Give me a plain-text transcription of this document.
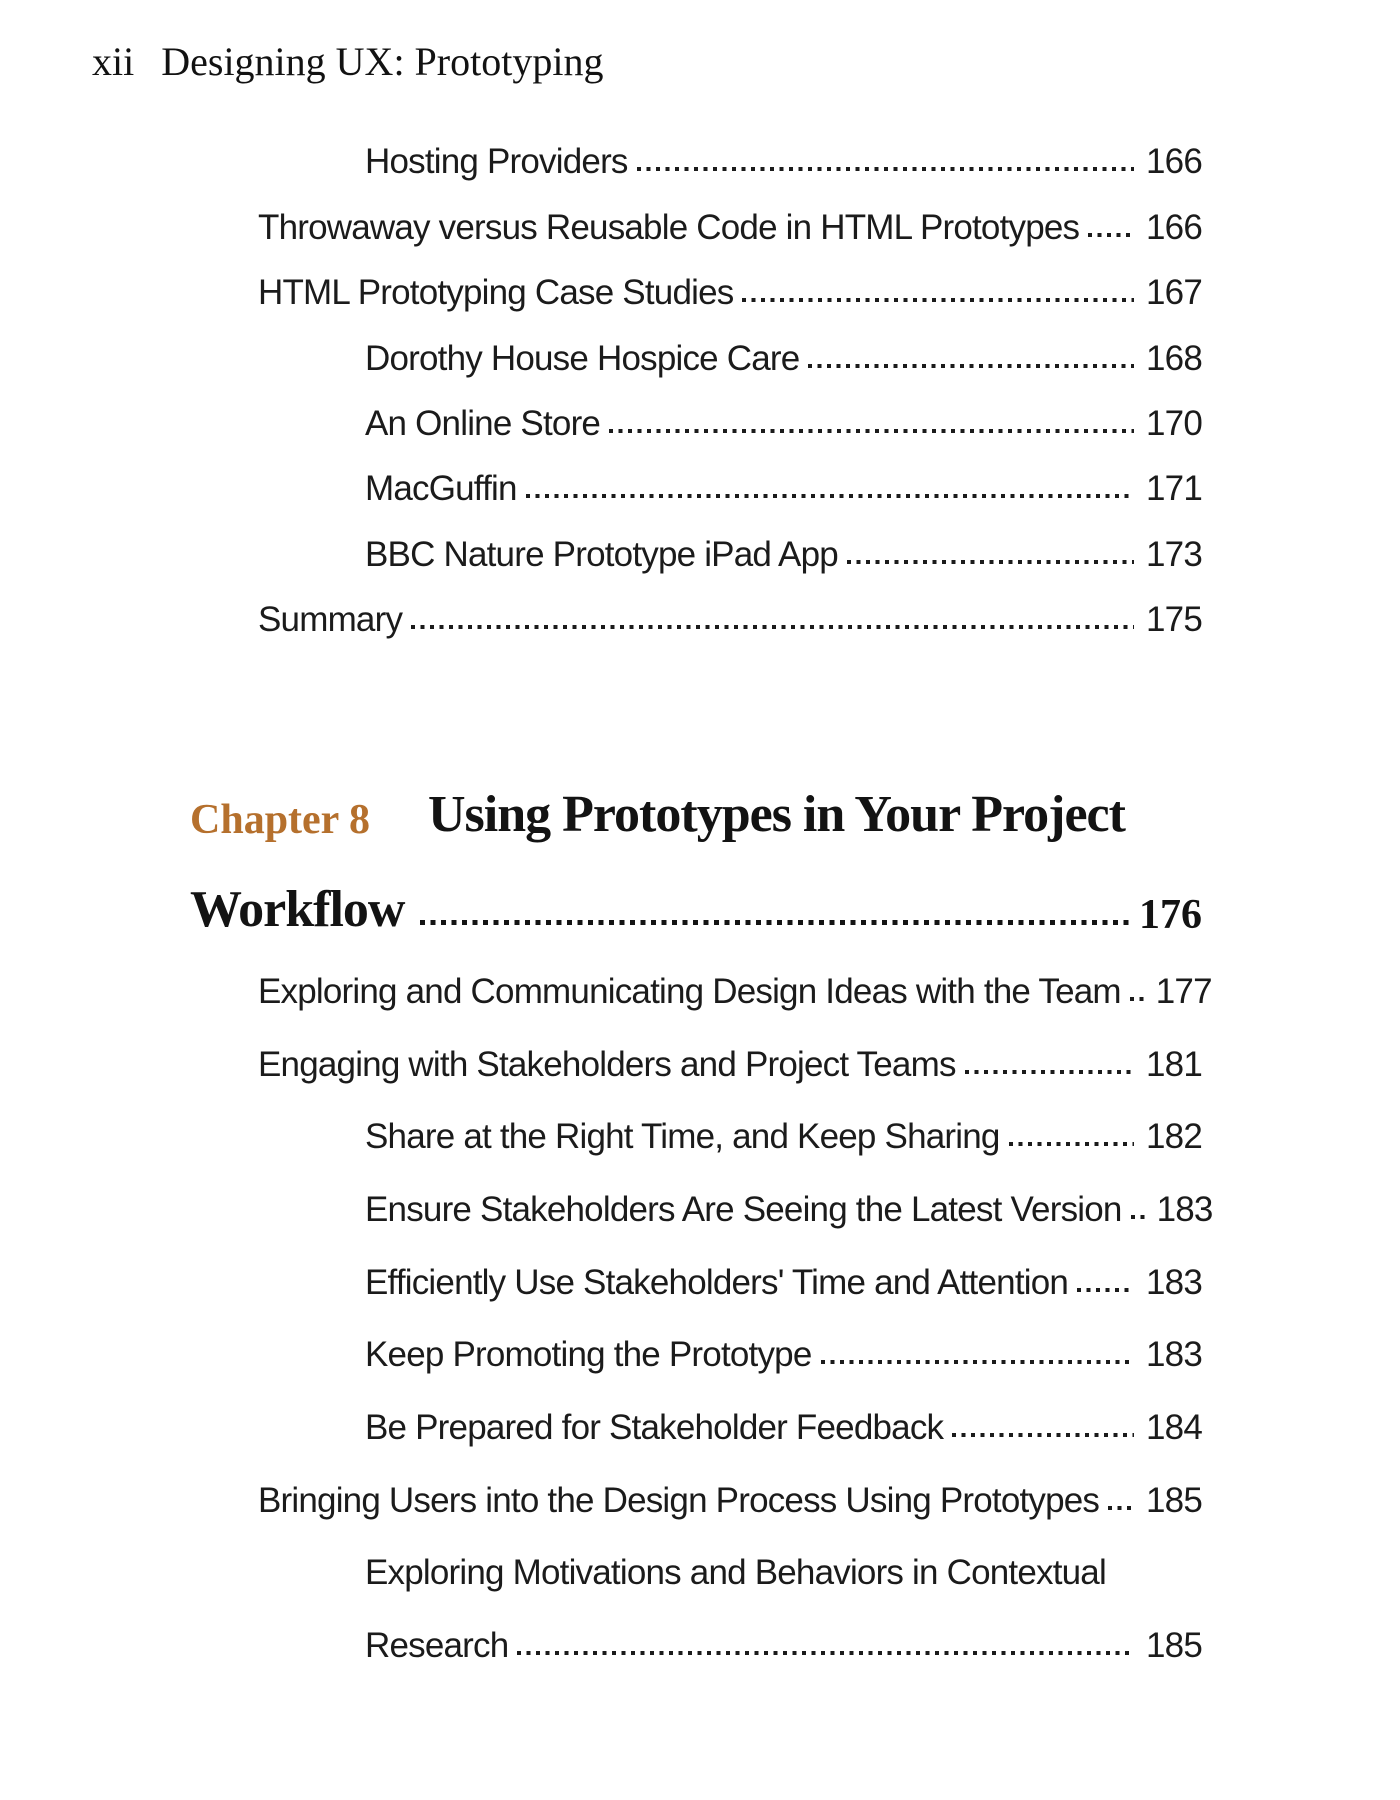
xii Designing UX: Prototyping
Hosting Providers	166
Throwaway versus Reusable Code in HTML Prototypes 166
HTML Prototyping Case Studies	167
Dorothy House Hospice Care	168
An Online Store	170
MacGuffin	171
BBC Nature Prototype iPad App	173
Summary	175
Chapter 8	Using Prototypes in Your Project
Workflow	176
Exploring and Communicating Design Ideas with the Team 177
Engaging with Stakeholders and Project Teams	181
Share at the Right Time, and Keep Sharing	182
Ensure Stakeholders Are Seeing the Latest Version 183
Efficiently Use Stakeholders' Time and Attention 183
Keep Promoting the Prototype	183
Be Prepared for Stakeholder Feedback	184
Bringing Users into the Design Process Using Prototypes 185
Exploring Motivations and Behaviors in Contextual
Research	185
